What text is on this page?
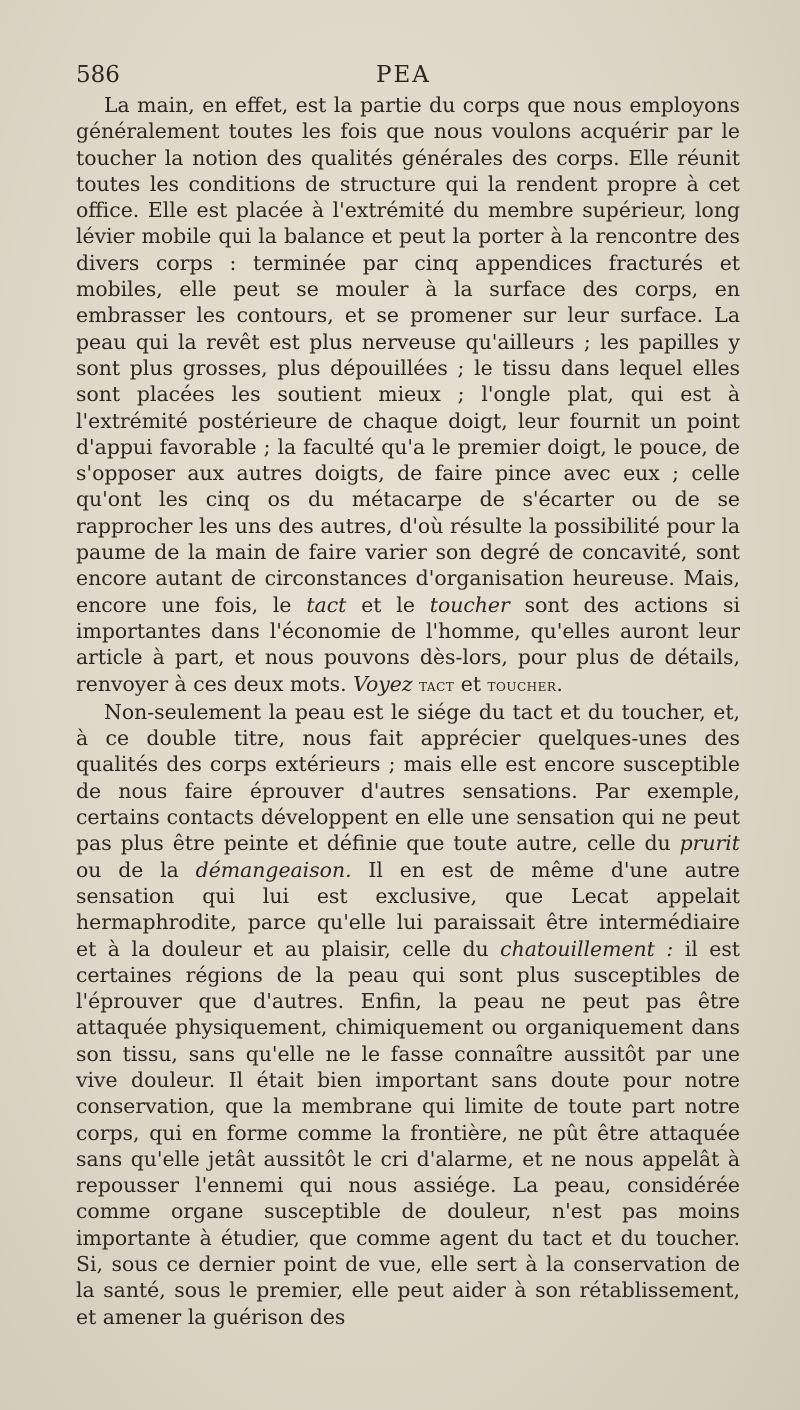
586	PEA

La main, en effet, est la partie du corps que nous employons généralement toutes les fois que nous voulons acquérir par le toucher la notion des qualités générales des corps. Elle réunit toutes les conditions de structure qui la rendent propre à cet office. Elle est placée à l'extrémité du membre supérieur, long lévier mobile qui la balance et peut la porter à la rencontre des divers corps : terminée par cinq appendices fracturés et mobiles, elle peut se mouler à la surface des corps, en embrasser les contours, et se promener sur leur surface. La peau qui la revêt est plus nerveuse qu'ailleurs ; les papilles y sont plus grosses, plus dépouillées ; le tissu dans lequel elles sont placées les soutient mieux ; l'ongle plat, qui est à l'extrémité postérieure de chaque doigt, leur fournit un point d'appui favorable ; la faculté qu'a le premier doigt, le pouce, de s'opposer aux autres doigts, de faire pince avec eux ; celle qu'ont les cinq os du métacarpe de s'écarter ou de se rapprocher les uns des autres, d'où résulte la possibilité pour la paume de la main de faire varier son degré de concavité, sont encore autant de circonstances d'organisation heureuse. Mais, encore une fois, le tact et le toucher sont des actions si importantes dans l'économie de l'homme, qu'elles auront leur article à part, et nous pouvons dès-lors, pour plus de détails, renvoyer à ces deux mots. Voyez tact et toucher.

Non-seulement la peau est le siége du tact et du toucher, et, à ce double titre, nous fait apprécier quelques-unes des qualités des corps extérieurs ; mais elle est encore susceptible de nous faire éprouver d'autres sensations. Par exemple, certains contacts développent en elle une sensation qui ne peut pas plus être peinte et définie que toute autre, celle du prurit ou de la démangeaison. Il en est de même d'une autre sensation qui lui est exclusive, que Lecat appelait hermaphrodite, parce qu'elle lui paraissait être intermédiaire et à la douleur et au plaisir, celle du chatouillement : il est certaines régions de la peau qui sont plus susceptibles de l'éprouver que d'autres. Enfin, la peau ne peut pas être attaquée physiquement, chimiquement ou organiquement dans son tissu, sans qu'elle ne le fasse connaître aussitôt par une vive douleur. Il était bien important sans doute pour notre conservation, que la membrane qui limite de toute part notre corps, qui en forme comme la frontière, ne pût être attaquée sans qu'elle jetât aussitôt le cri d'alarme, et ne nous appelât à repousser l'ennemi qui nous assiége. La peau, considérée comme organe susceptible de douleur, n'est pas moins importante à étudier, que comme agent du tact et du toucher. Si, sous ce dernier point de vue, elle sert à la conservation de la santé, sous le premier, elle peut aider à son rétablissement, et amener la guérison des
